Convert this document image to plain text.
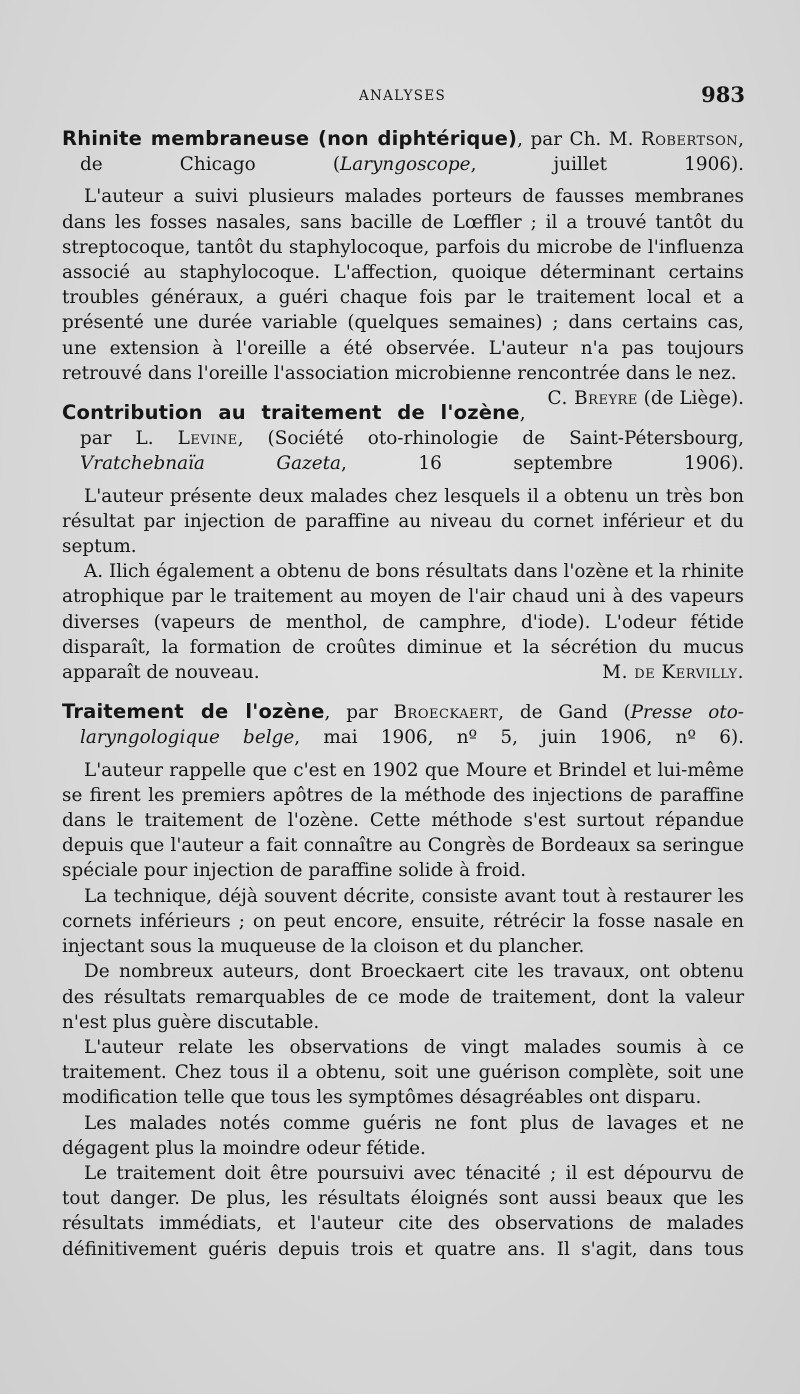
ANALYSES	983
Rhinite membraneuse (non diphtérique), par Ch. M. Robertson, de Chicago (Laryngoscope, juillet 1906).

L'auteur a suivi plusieurs malades porteurs de fausses membranes dans les fosses nasales, sans bacille de Lœffler ; il a trouvé tantôt du streptocoque, tantôt du staphylocoque, parfois du microbe de l'influenza associé au staphylocoque. L'affection, quoique déterminant certains troubles généraux, a guéri chaque fois par le traitement local et a présenté une durée variable (quelques semaines) ; dans certains cas, une extension à l'oreille a été observée. L'auteur n'a pas toujours retrouvé dans l'oreille l'association microbienne rencontrée dans le nez.
C. Breyre (de Liège).

Contribution au traitement de l'ozène, par L. Levine, (Société oto-rhinologie de Saint-Pétersbourg, Vratchebnaïa Gazeta, 16 septembre 1906).

L'auteur présente deux malades chez lesquels il a obtenu un très bon résultat par injection de paraffine au niveau du cornet inférieur et du septum.

A. Ilich également a obtenu de bons résultats dans l'ozène et la rhinite atrophique par le traitement au moyen de l'air chaud uni à des vapeurs diverses (vapeurs de menthol, de camphre, d'iode). L'odeur fétide disparaît, la formation de croûtes diminue et la sécrétion du mucus apparaît de nouveau.	M. de Kervilly.

Traitement de l'ozène, par Broeckaert, de Gand (Presse oto-laryngologique belge, mai 1906, nº 5, juin 1906, nº 6).

L'auteur rappelle que c'est en 1902 que Moure et Brindel et lui-même se firent les premiers apôtres de la méthode des injections de paraffine dans le traitement de l'ozène. Cette méthode s'est surtout répandue depuis que l'auteur a fait connaître au Congrès de Bordeaux sa seringue spéciale pour injection de paraffine solide à froid.

La technique, déjà souvent décrite, consiste avant tout à restaurer les cornets inférieurs ; on peut encore, ensuite, rétrécir la fosse nasale en injectant sous la muqueuse de la cloison et du plancher.

De nombreux auteurs, dont Broeckaert cite les travaux, ont obtenu des résultats remarquables de ce mode de traitement, dont la valeur n'est plus guère discutable.

L'auteur relate les observations de vingt malades soumis à ce traitement. Chez tous il a obtenu, soit une guérison complète, soit une modification telle que tous les symptômes désagréables ont disparu.

Les malades notés comme guéris ne font plus de lavages et ne dégagent plus la moindre odeur fétide.

Le traitement doit être poursuivi avec ténacité ; il est dépourvu de tout danger. De plus, les résultats éloignés sont aussi beaux que les résultats immédiats, et l'auteur cite des observations de malades définitivement guéris depuis trois et quatre ans. Il s'agit, dans tous
